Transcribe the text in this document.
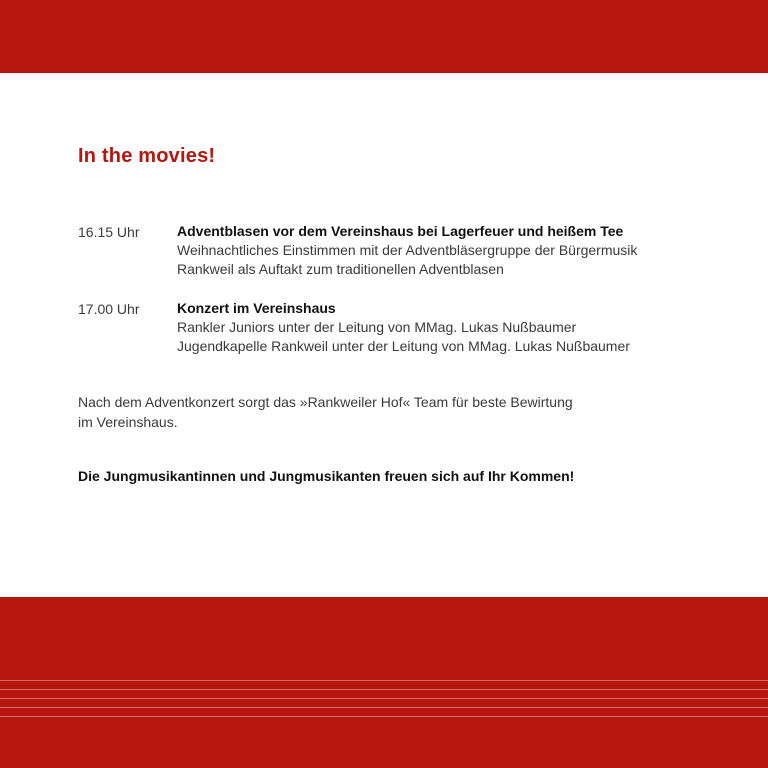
In the movies!
16.15 Uhr	Adventblasen vor dem Vereinshaus bei Lagerfeuer und heißem Tee
Weihnachtliches Einstimmen mit der Adventbläsergruppe der Bürgermusik
Rankweil als Auftakt zum traditionellen Adventblasen
17.00 Uhr	Konzert im Vereinshaus
Rankler Juniors unter der Leitung von MMag. Lukas Nußbaumer
Jugendkapelle Rankweil unter der Leitung von MMag. Lukas Nußbaumer

Nach dem Adventkonzert sorgt das »Rankweiler Hof« Team für beste Bewirtung
im Vereinshaus.

Die Jungmusikantinnen und Jungmusikanten freuen sich auf Ihr Kommen!
